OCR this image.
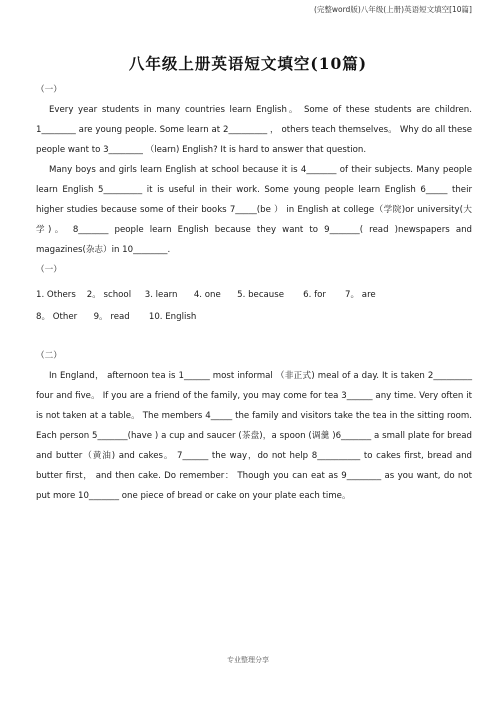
(完整word版)八年级(上册)英语短文填空[10篇]
八年级上册英语短文填空(10篇)
（一）

Every year students in many countries learn English。 Some of these students are children. 1________ are young people. Some learn at 2_________ ， others teach themselves。 Why do all these people want to 3________ （learn) English? It is hard to answer that question.

Many boys and girls learn English at school because it is 4_______ of their subjects. Many people learn English 5_________ it is useful in their work. Some young people learn English 6_____ their higher studies because some of their books 7_____(be ） in English at college（学院)or university(大学)。 8_______ people learn English because they want to 9_______( read )newspapers and magazines(杂志）in 10________.

（一）
1. Others    2。 school     3. learn      4. one      5. because       6. for       7。 are
8。 Other      9。 read       10. English
（二）

In England， afternoon tea is 1______ most informal （非正式) meal of a day. It is taken 2_________ four and five。 If you are a friend of the family, you may come for tea 3______ any time. Very often it is not taken at a table。 The members 4_____ the family and visitors take the tea in the sitting room. Each person 5_______(have ) a cup and saucer (茶盘)，a spoon (调羹 )6_______ a small plate for bread and butter（黄油) and cakes。 7______ the way，do not help 8__________ to cakes first, bread and butter first， and then cake. Do remember： Though you can eat as 9________ as you want, do not put more 10_______ one piece of bread or cake on your plate each time。

专业整理分享
